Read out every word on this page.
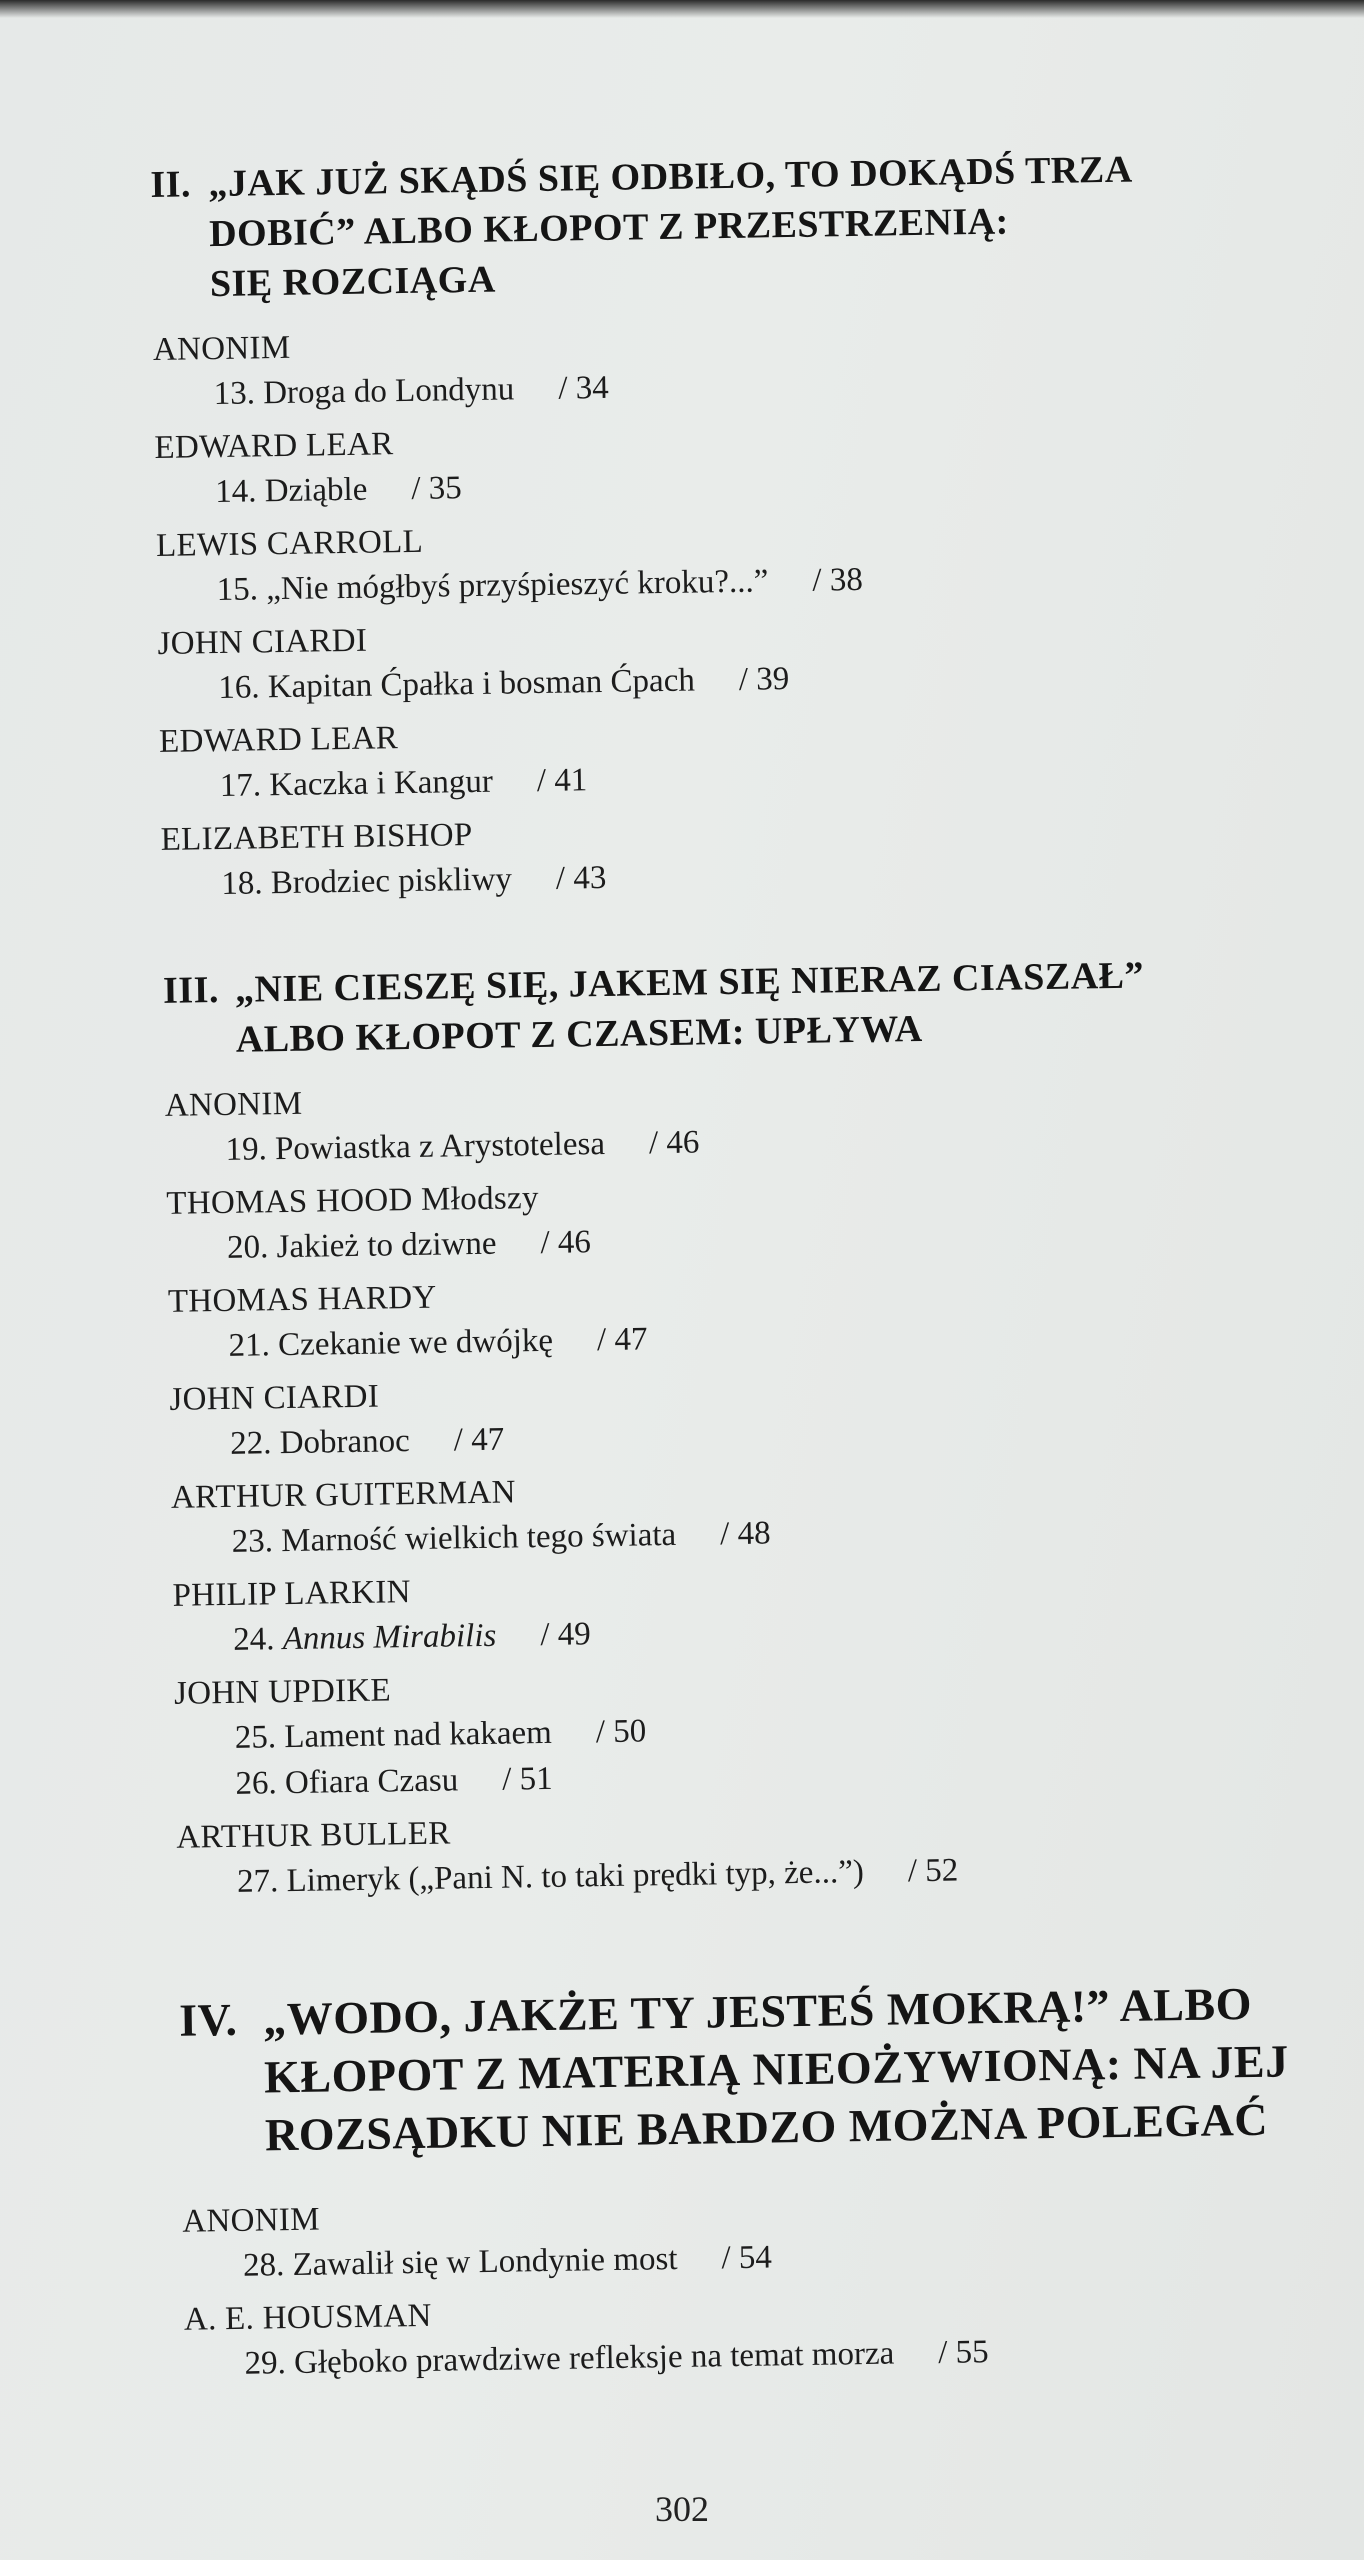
II. „JAK JUŻ SKĄDŚ SIĘ ODBIŁO, TO DOKĄDŚ TRZA
DOBIĆ” ALBO KŁOPOT Z PRZESTRZENIĄ:
SIĘ ROZCIĄGA
ANONIM
13. Droga do Londynu / 34
EDWARD LEAR
14. Dziąble / 35
LEWIS CARROLL
15. „Nie mógłbyś przyśpieszyć kroku?...” / 38
JOHN CIARDI
16. Kapitan Ćpałka i bosman Ćpach / 39
EDWARD LEAR
17. Kaczka i Kangur / 41
ELIZABETH BISHOP
18. Brodziec piskliwy / 43
III. „NIE CIESZĘ SIĘ, JAKEM SIĘ NIERAZ CIASZAŁ”
ALBO KŁOPOT Z CZASEM: UPŁYWA
ANONIM
19. Powiastka z Arystotelesa / 46
THOMAS HOOD Młodszy
20. Jakież to dziwne / 46
THOMAS HARDY
21. Czekanie we dwójkę / 47
JOHN CIARDI
22. Dobranoc / 47
ARTHUR GUITERMAN
23. Marność wielkich tego świata / 48
PHILIP LARKIN
24. Annus Mirabilis / 49
JOHN UPDIKE
25. Lament nad kakaem / 50
26. Ofiara Czasu / 51
ARTHUR BULLER
27. Limeryk („Pani N. to taki prędki typ, że...”) / 52
IV. „WODO, JAKŻE TY JESTEŚ MOKRĄ!” ALBO
KŁOPOT Z MATERIĄ NIEOŻYWIONĄ: NA JEJ
ROZSĄDKU NIE BARDZO MOŻNA POLEGAĆ
ANONIM
28. Zawalił się w Londynie most / 54
A. E. HOUSMAN
29. Głęboko prawdziwe refleksje na temat morza / 55
302
